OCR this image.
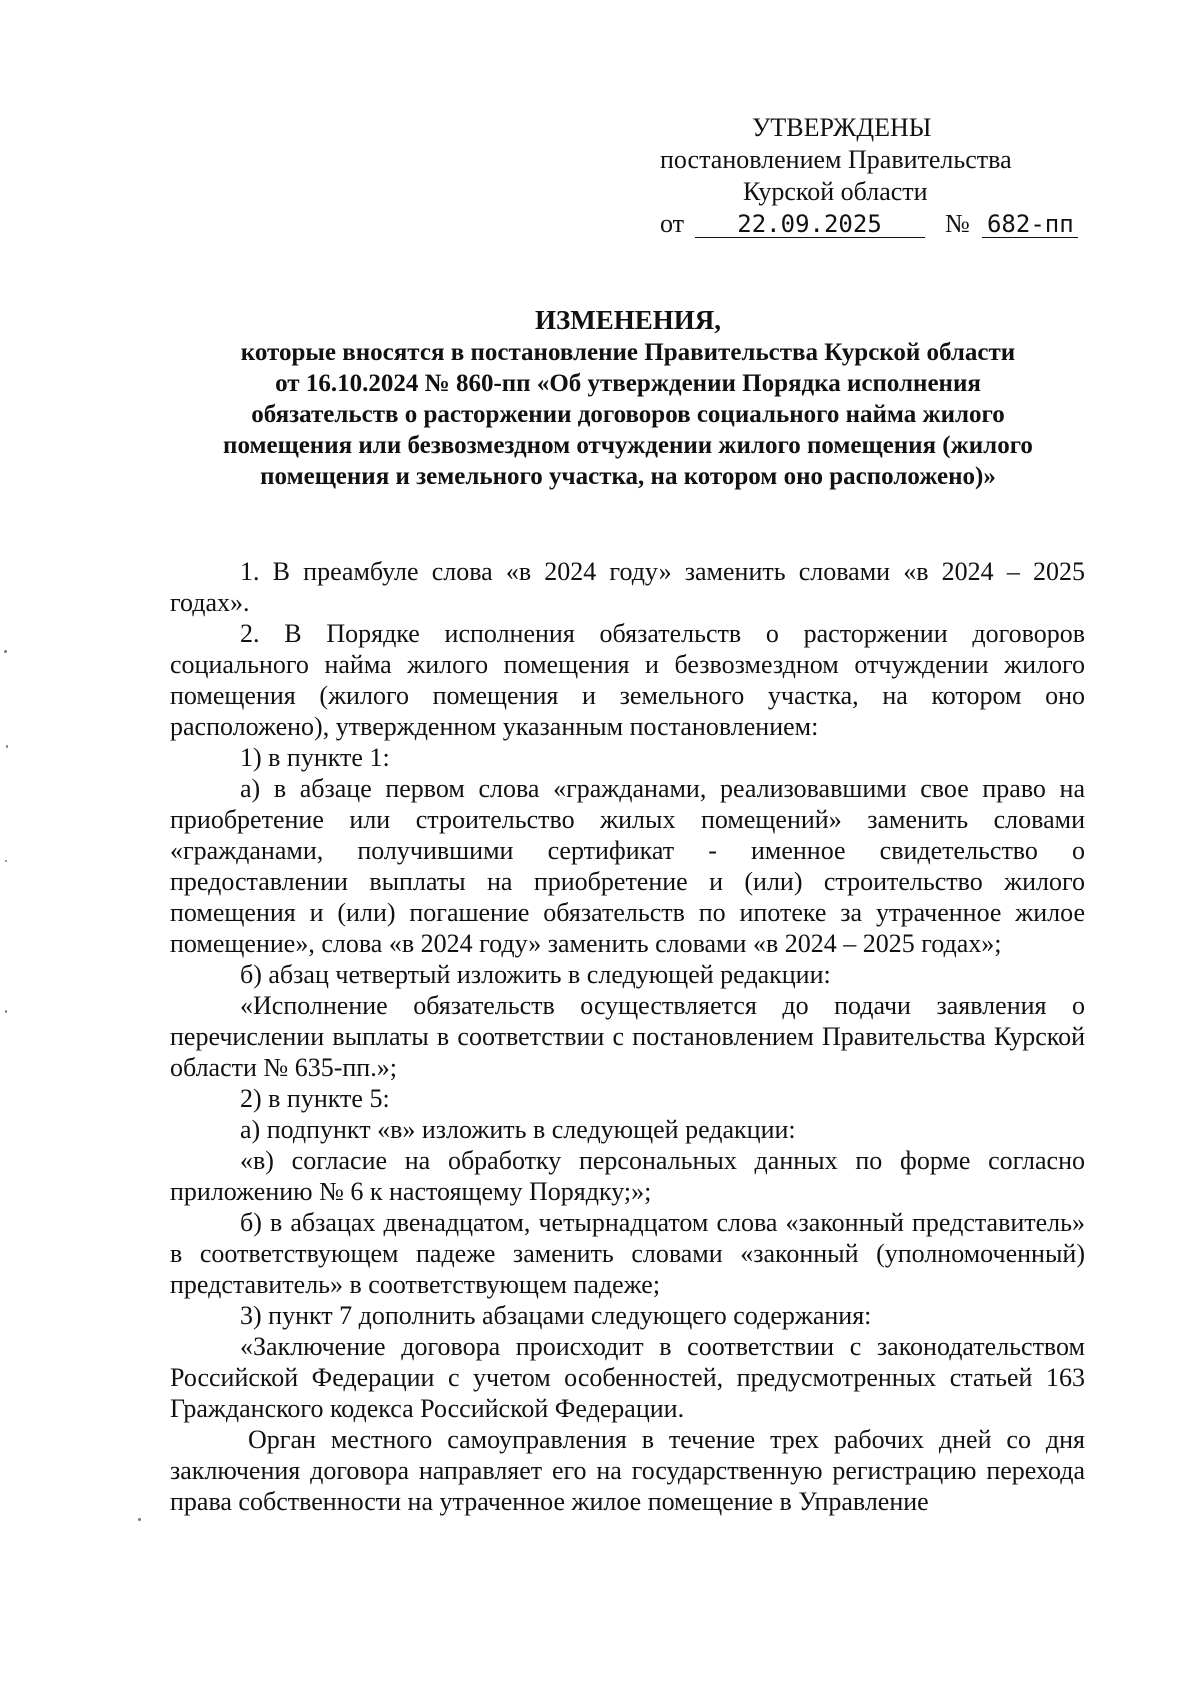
УТВЕРЖДЕНЫ
постановлением Правительства
Курской области
от 22.09.2025 № 682-пп
ИЗМЕНЕНИЯ,
которые вносятся в постановление Правительства Курской области
от 16.10.2024 № 860-пп «Об утверждении Порядка исполнения
обязательств о расторжении договоров социального найма жилого
помещения или безвозмездном отчуждении жилого помещения (жилого
помещения и земельного участка, на котором оно расположено)»

1. В преамбуле слова «в 2024 году» заменить словами «в 2024 – 2025 годах».

2. В Порядке исполнения обязательств о расторжении договоров социального найма жилого помещения и безвозмездном отчуждении жилого помещения (жилого помещения и земельного участка, на котором оно расположено), утвержденном указанным постановлением:

1) в пункте 1:

а) в абзаце первом слова «гражданами, реализовавшими свое право на приобретение или строительство жилых помещений» заменить словами «гражданами, получившими сертификат - именное свидетельство о предоставлении выплаты на приобретение и (или) строительство жилого помещения и (или) погашение обязательств по ипотеке за утраченное жилое помещение», слова «в 2024 году» заменить словами «в 2024 – 2025 годах»;

б) абзац четвертый изложить в следующей редакции:

«Исполнение обязательств осуществляется до подачи заявления о перечислении выплаты в соответствии с постановлением Правительства Курской области № 635-пп.»;

2) в пункте 5:

а) подпункт «в» изложить в следующей редакции:

«в) согласие на обработку персональных данных по форме согласно приложению № 6 к настоящему Порядку;»;

б) в абзацах двенадцатом, четырнадцатом слова «законный представитель» в соответствующем падеже заменить словами «законный (уполномоченный) представитель» в соответствующем падеже;

3) пункт 7 дополнить абзацами следующего содержания:

«Заключение договора происходит в соответствии с законодательством Российской Федерации с учетом особенностей, предусмотренных статьей 163 Гражданского кодекса Российской Федерации.

Орган местного самоуправления в течение трех рабочих дней со дня заключения договора направляет его на государственную регистрацию перехода права собственности на утраченное жилое помещение в Управление
